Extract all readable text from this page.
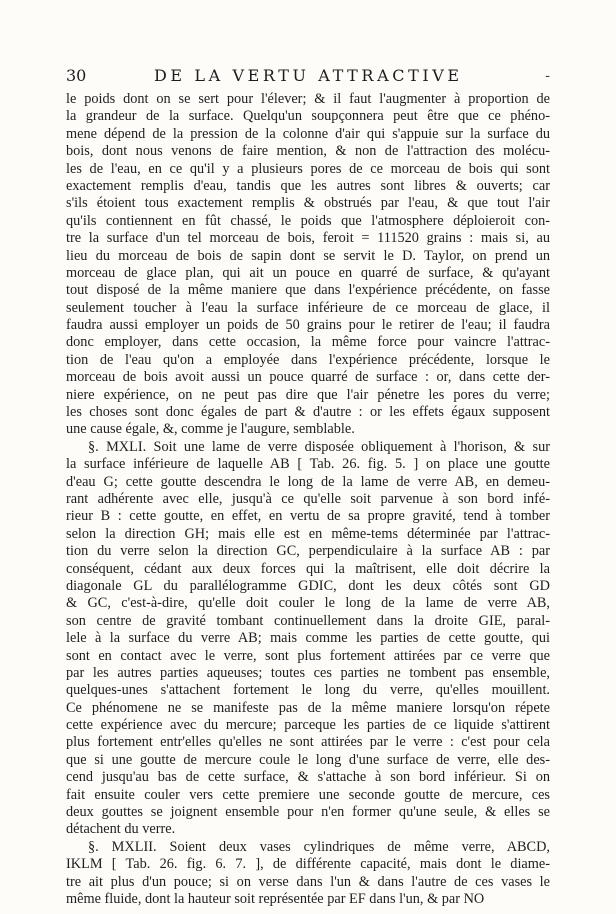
30	DE LA VERTU ATTRACTIVE	-
le poids dont on se sert pour l'élever; & il faut l'augmenter à proportion de
la grandeur de la surface. Quelqu'un soupçonnera peut être que ce phéno-
mene dépend de la pression de la colonne d'air qui s'appuie sur la surface du
bois, dont nous venons de faire mention, & non de l'attraction des molécu-
les de l'eau, en ce qu'il y a plusieurs pores de ce morceau de bois qui sont
exactement remplis d'eau, tandis que les autres sont libres & ouverts; car
s'ils étoient tous exactement remplis & obstrués par l'eau, & que tout l'air
qu'ils contiennent en fût chassé, le poids que l'atmosphere déploieroit con-
tre la surface d'un tel morceau de bois, feroit = 111520 grains : mais si, au
lieu du morceau de bois de sapin dont se servit le D. Taylor, on prend un
morceau de glace plan, qui ait un pouce en quarré de surface, & qu'ayant
tout disposé de la même maniere que dans l'expérience précédente, on fasse
seulement toucher à l'eau la surface inférieure de ce morceau de glace, il
faudra aussi employer un poids de 50 grains pour le retirer de l'eau; il faudra
donc employer, dans cette occasion, la même force pour vaincre l'attrac-
tion de l'eau qu'on a employée dans l'expérience précédente, lorsque le
morceau de bois avoit aussi un pouce quarré de surface : or, dans cette der-
niere expérience, on ne peut pas dire que l'air pénetre les pores du verre;
les choses sont donc égales de part & d'autre : or les effets égaux supposent
une cause égale, &, comme je l'augure, semblable.
§. MXLI. Soit une lame de verre disposée obliquement à l'horison, & sur
la surface inférieure de laquelle AB [ Tab. 26. fig. 5. ] on place une goutte
d'eau G; cette goutte descendra le long de la lame de verre AB, en demeu-
rant adhérente avec elle, jusqu'à ce qu'elle soit parvenue à son bord infé-
rieur B : cette goutte, en effet, en vertu de sa propre gravité, tend à tomber
selon la direction GH; mais elle est en même-tems déterminée par l'attrac-
tion du verre selon la direction GC, perpendiculaire à la surface AB : par
conséquent, cédant aux deux forces qui la maîtrisent, elle doit décrire la
diagonale GL du parallélogramme GDIC, dont les deux côtés sont GD
& GC, c'est-à-dire, qu'elle doit couler le long de la lame de verre AB,
son centre de gravité tombant continuellement dans la droite GIE, paral-
lele à la surface du verre AB; mais comme les parties de cette goutte, qui
sont en contact avec le verre, sont plus fortement attirées par ce verre que
par les autres parties aqueuses; toutes ces parties ne tombent pas ensemble,
quelques-unes s'attachent fortement le long du verre, qu'elles mouillent.
Ce phénomene ne se manifeste pas de la même maniere lorsqu'on répete
cette expérience avec du mercure; parceque les parties de ce liquide s'attirent
plus fortement entr'elles qu'elles ne sont attirées par le verre : c'est pour cela
que si une goutte de mercure coule le long d'une surface de verre, elle des-
cend jusqu'au bas de cette surface, & s'attache à son bord inférieur. Si on
fait ensuite couler vers cette premiere une seconde goutte de mercure, ces
deux gouttes se joignent ensemble pour n'en former qu'une seule, & elles se
détachent du verre.
§. MXLII. Soient deux vases cylindriques de même verre, ABCD,
IKLM [ Tab. 26. fig. 6. 7. ], de différente capacité, mais dont le diame-
tre ait plus d'un pouce; si on verse dans l'un & dans l'autre de ces vases le
même fluide, dont la hauteur soit représentée par EF dans l'un, & par NO
